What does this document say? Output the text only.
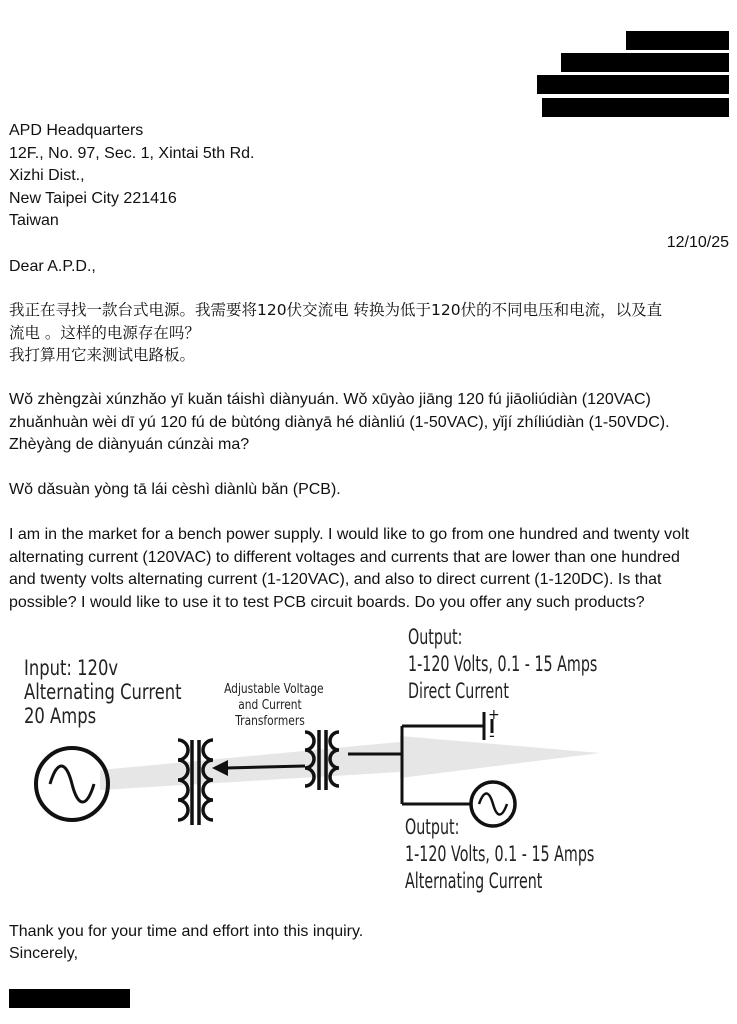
APD Headquarters
12F., No. 97, Sec. 1, Xintai 5th Rd.
Xizhi Dist.,
New Taipei City 221416
Taiwan
12/10/25
Dear A.P.D.,
我正在寻找一款台式电源。我需要将120伏交流电 转换为低于120伏的不同电压和电流，以及直
流电 。这样的电源存在吗？
我打算用它来测试电路板。
Wǒ zhèngzài xúnzhǎo yī kuǎn táishì diànyuán. Wǒ xūyào jiāng 120 fú jiāoliúdiàn (120VAC)
zhuǎnhuàn wèi dī yú 120 fú de bùtóng diànyā hé diànliú (1-50VAC), yǐjí zhíliúdiàn (1-50VDC).
Zhèyàng de diànyuán cúnzài ma?
Wǒ dǎsuàn yòng tā lái cèshì diànlù bǎn (PCB).
I am in the market for a bench power supply. I would like to go from one hundred and twenty volt
alternating current (120VAC) to different voltages and currents that are lower than one hundred
and twenty volts alternating current (1-120VAC), and also to direct current (1-120DC). Is that
possible? I would like to use it to test PCB circuit boards. Do you offer any such products?
+
-
Input: 120v
Alternating Current
20 Amps
Adjustable Voltage
and Current
Transformers
Output:
1-120 Volts, 0.1 - 15 Amps
Direct Current
Output:
1-120 Volts, 0.1 - 15 Amps
Alternating Current
Thank you for your time and effort into this inquiry.
Sincerely,
